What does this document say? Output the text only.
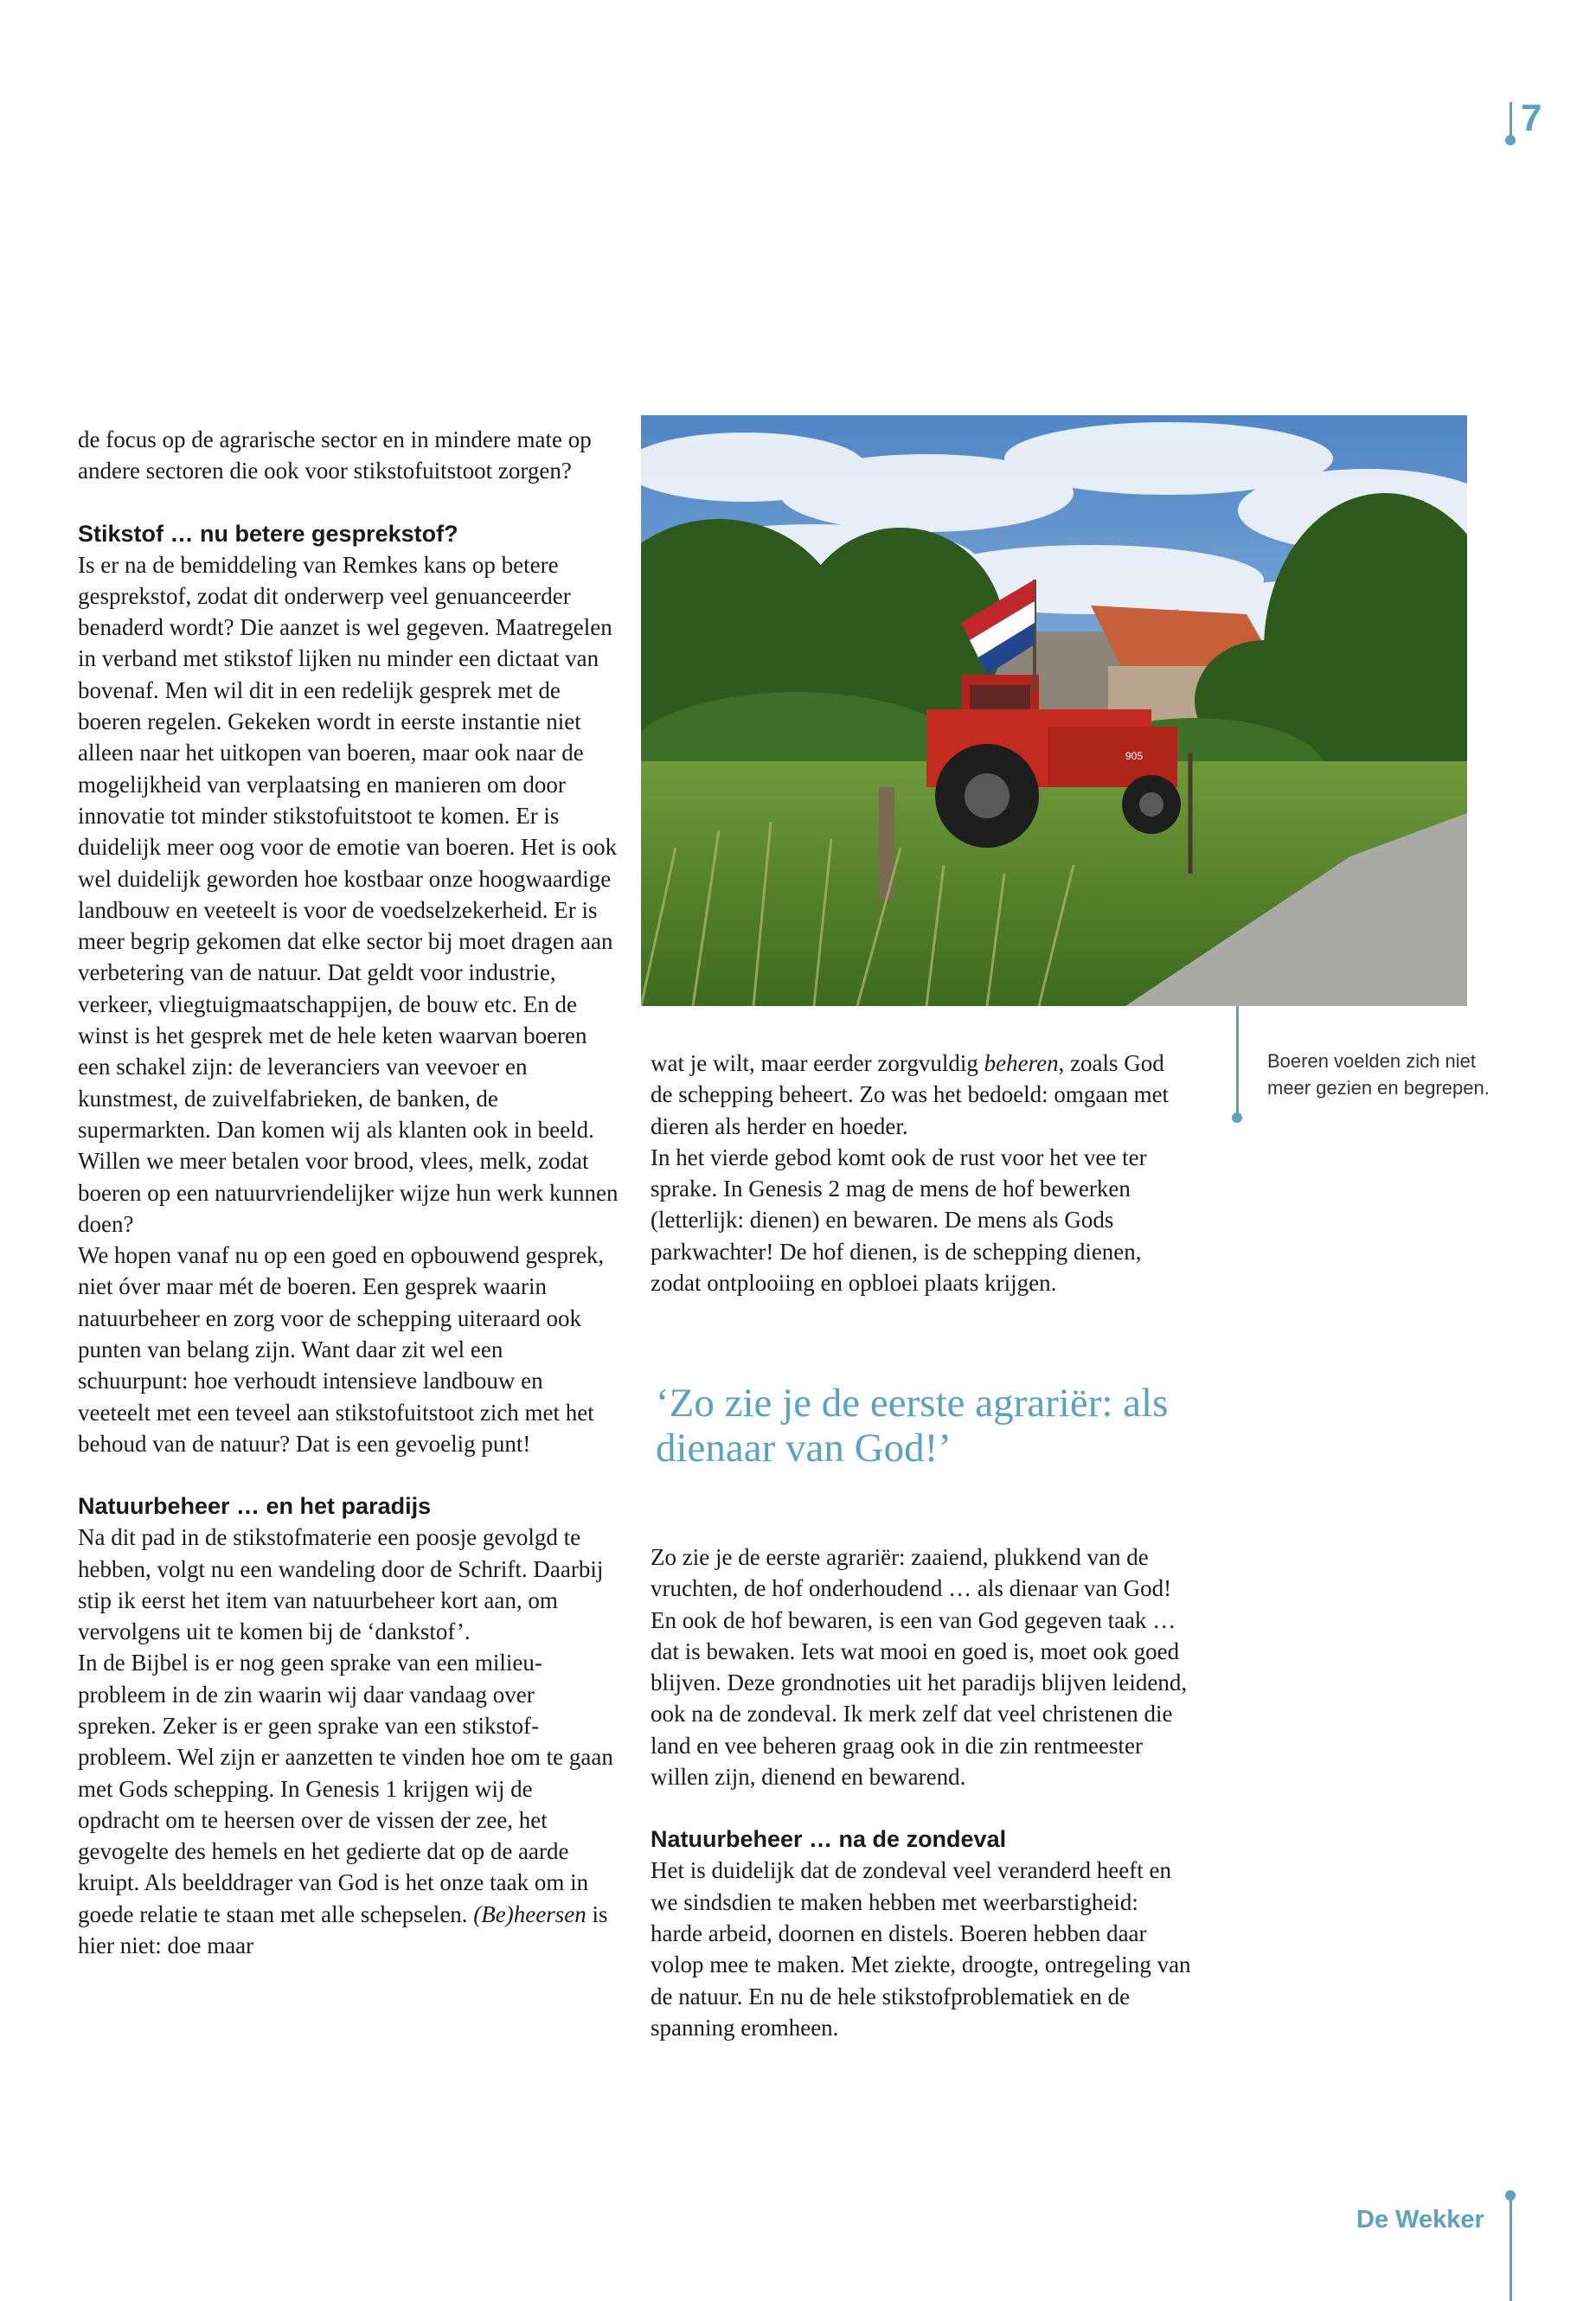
7

de focus op de agrarische sector en in mindere mate op andere sectoren die ook voor stikstofuitstoot zorgen?

Stikstof … nu betere gesprekstof?

Is er na de bemiddeling van Remkes kans op betere gesprekstof, zodat dit onderwerp veel genuanceerder benaderd wordt? Die aanzet is wel gegeven. Maatregelen in verband met stikstof lijken nu minder een dictaat van bovenaf. Men wil dit in een redelijk gesprek met de boeren regelen. Gekeken wordt in eerste instantie niet alleen naar het uitkopen van boeren, maar ook naar de mogelijkheid van verplaatsing en manieren om door innovatie tot minder stikstofuitstoot te komen. Er is duidelijk meer oog voor de emotie van boeren. Het is ook wel duidelijk geworden hoe kostbaar onze hoogwaardige landbouw en veeteelt is voor de voedselzekerheid. Er is meer begrip gekomen dat elke sector bij moet dragen aan verbetering van de natuur. Dat geldt voor industrie, verkeer, vliegtuigmaatschappijen, de bouw etc. En de winst is het gesprek met de hele keten waarvan boeren een schakel zijn: de leveranciers van veevoer en kunstmest, de zuivelfabrieken, de banken, de supermarkten. Dan komen wij als klanten ook in beeld. Willen we meer betalen voor brood, vlees, melk, zodat boeren op een natuurvriendelijker wijze hun werk kunnen doen?

We hopen vanaf nu op een goed en opbouwend gesprek, niet óver maar mét de boeren. Een gesprek waarin natuurbeheer en zorg voor de schepping uiteraard ook punten van belang zijn. Want daar zit wel een schuurpunt: hoe verhoudt intensieve landbouw en veeteelt met een teveel aan stikstofuitstoot zich met het behoud van de natuur? Dat is een gevoelig punt!

Natuurbeheer … en het paradijs

Na dit pad in de stikstofmaterie een poosje gevolgd te hebben, volgt nu een wandeling door de Schrift. Daarbij stip ik eerst het item van natuurbeheer kort aan, om vervolgens uit te komen bij de ‘dankstof’.

In de Bijbel is er nog geen sprake van een milieuprobleem in de zin waarin wij daar vandaag over spreken. Zeker is er geen sprake van een stikstofprobleem. Wel zijn er aanzetten te vinden hoe om te gaan met Gods schepping. In Genesis 1 krijgen wij de opdracht om te heersen over de vissen der zee, het gevogelte des hemels en het gedierte dat op de aarde kruipt. Als beelddrager van God is het onze taak om in goede relatie te staan met alle schepselen. (Be)heersen is hier niet: doe maar

905

wat je wilt, maar eerder zorgvuldig beheren, zoals God de schepping beheert. Zo was het bedoeld: omgaan met dieren als herder en hoeder.

In het vierde gebod komt ook de rust voor het vee ter sprake. In Genesis 2 mag de mens de hof bewerken (letterlijk: dienen) en bewaren. De mens als Gods parkwachter! De hof dienen, is de schepping dienen, zodat ontplooiing en opbloei plaats krijgen.

‘Zo zie je de eerste agrariër: als dienaar van God!’

Zo zie je de eerste agrariër: zaaiend, plukkend van de vruchten, de hof onderhoudend … als dienaar van God! En ook de hof bewaren, is een van God gegeven taak … dat is bewaken. Iets wat mooi en goed is, moet ook goed blijven. Deze grondnoties uit het paradijs blijven leidend, ook na de zondeval. Ik merk zelf dat veel christenen die land en vee beheren graag ook in die zin rentmeester willen zijn, dienend en bewarend.

Natuurbeheer … na de zondeval

Het is duidelijk dat de zondeval veel veranderd heeft en we sindsdien te maken hebben met weerbarstigheid: harde arbeid, doornen en distels. Boeren hebben daar volop mee te maken. Met ziekte, droogte, ontregeling van de natuur. En nu de hele stikstofproblematiek en de spanning eromheen.

Boeren voelden zich niet meer gezien en begrepen.
De Wekker
